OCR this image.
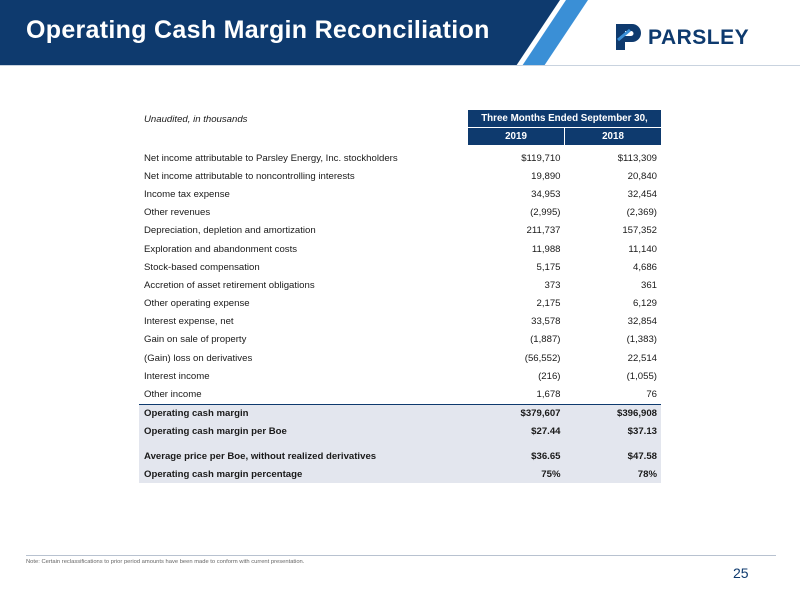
Operating Cash Margin Reconciliation	PARSLEY
Unaudited, in thousands	Three Months Ended September 30,	
	2019	2018

Net income attributable to Parsley Energy, Inc. stockholders	$119,710	$113,309
Net income attributable to noncontrolling interests	19,890	20,840
Income tax expense	34,953	32,454
Other revenues	(2,995)	(2,369)
Depreciation, depletion and amortization	211,737	157,352
Exploration and abandonment costs	11,988	11,140
Stock-based compensation	5,175	4,686
Accretion of asset retirement obligations	373	361
Other operating expense	2,175	6,129
Interest expense, net	33,578	32,854
Gain on sale of property	(1,887)	(1,383)
(Gain) loss on derivatives	(56,552)	22,514
Interest income	(216)	(1,055)
Other income	1,678	76
Operating cash margin	$379,607	$396,908
Operating cash margin per Boe	$27.44	$37.13

Average price per Boe, without realized derivatives	$36.65	$47.58
Operating cash margin percentage	75%	78%
Note: Certain reclassifications to prior period amounts have been made to conform with current presentation.
25
